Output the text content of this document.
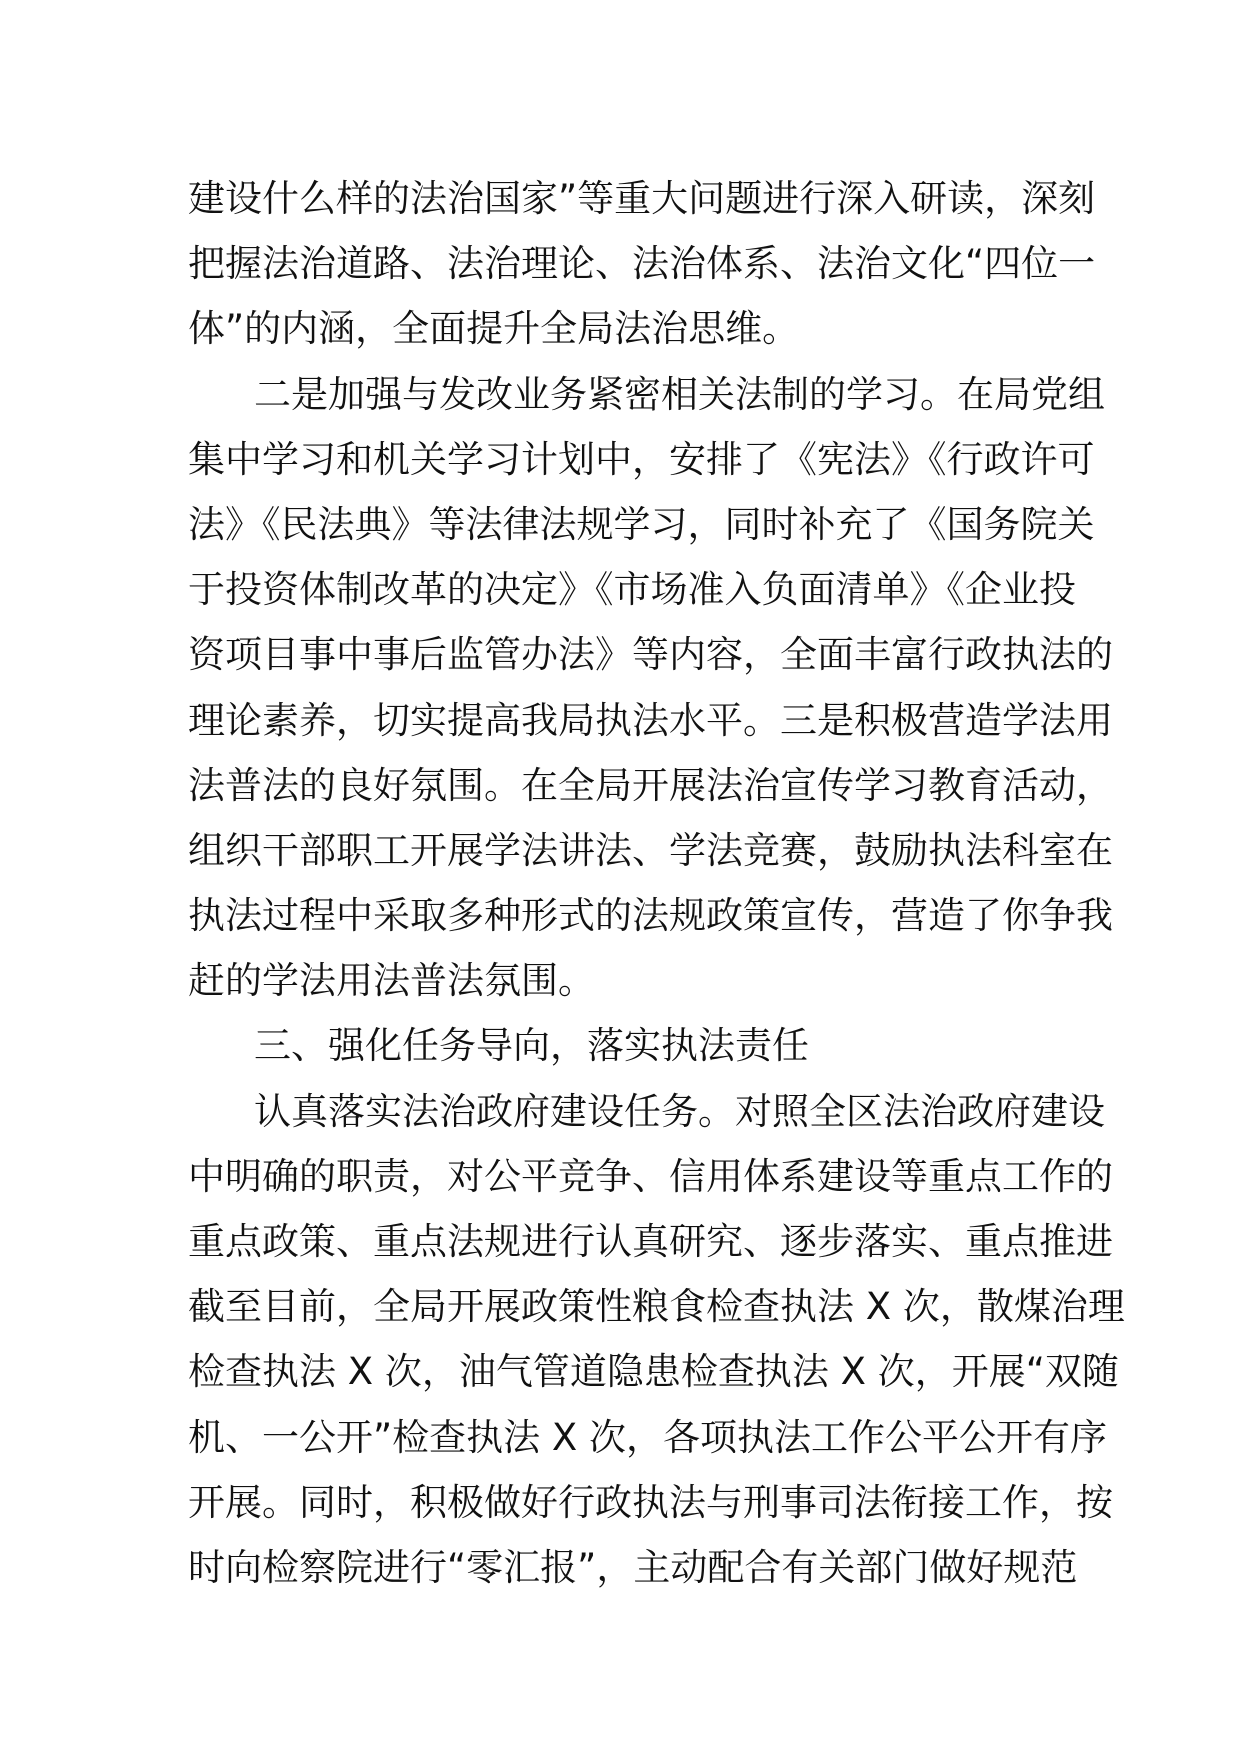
建设什么样的法治国家”等重大问题进行深入研读，深刻
把握法治道路、法治理论、法治体系、法治文化“四位一
体”的内涵，全面提升全局法治思维。
二是加强与发改业务紧密相关法制的学习。在局党组
集中学习和机关学习计划中，安排了《宪法》《行政许可
法》《民法典》等法律法规学习，同时补充了《国务院关
于投资体制改革的决定》《市场准入负面清单》《企业投
资项目事中事后监管办法》等内容，全面丰富行政执法的
理论素养，切实提高我局执法水平。三是积极营造学法用
法普法的良好氛围。在全局开展法治宣传学习教育活动，
组织干部职工开展学法讲法、学法竞赛，鼓励执法科室在
执法过程中采取多种形式的法规政策宣传，营造了你争我
赶的学法用法普法氛围。
三、强化任务导向，落实执法责任
认真落实法治政府建设任务。对照全区法治政府建设
中明确的职责，对公平竞争、信用体系建设等重点工作的
重点政策、重点法规进行认真研究、逐步落实、重点推进
截至目前，全局开展政策性粮食检查执法 X 次，散煤治理
检查执法 X 次，油气管道隐患检查执法 X 次，开展“双随
机、一公开”检查执法 X 次，各项执法工作公平公开有序
开展。同时，积极做好行政执法与刑事司法衔接工作，按
时向检察院进行“零汇报”，主动配合有关部门做好规范
